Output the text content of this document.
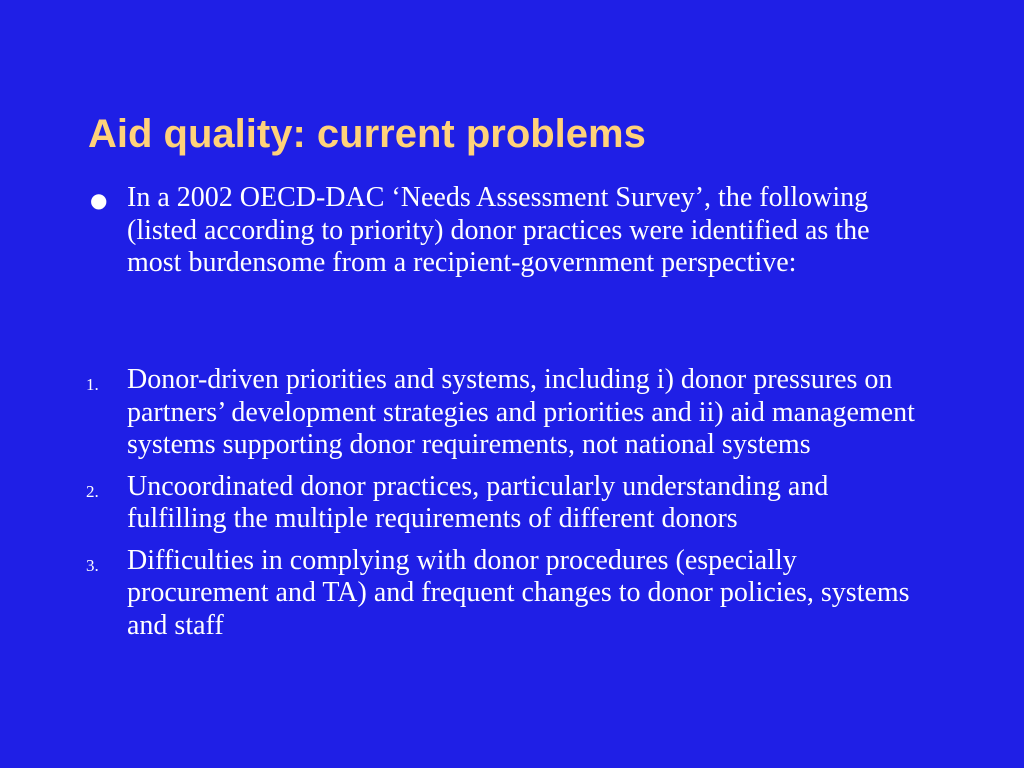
Aid quality: current problems
● In a 2002 OECD-DAC ‘Needs Assessment Survey’, the following (listed according to priority) donor practices were identified as the most burdensome from a recipient-government perspective:
1. Donor-driven priorities and systems, including i) donor pressures on partners’ development strategies and priorities and ii) aid management systems supporting donor requirements, not national systems
2. Uncoordinated donor practices, particularly understanding and fulfilling the multiple requirements of different donors
3. Difficulties in complying with donor procedures (especially procurement and TA) and frequent changes to donor policies, systems and staff
